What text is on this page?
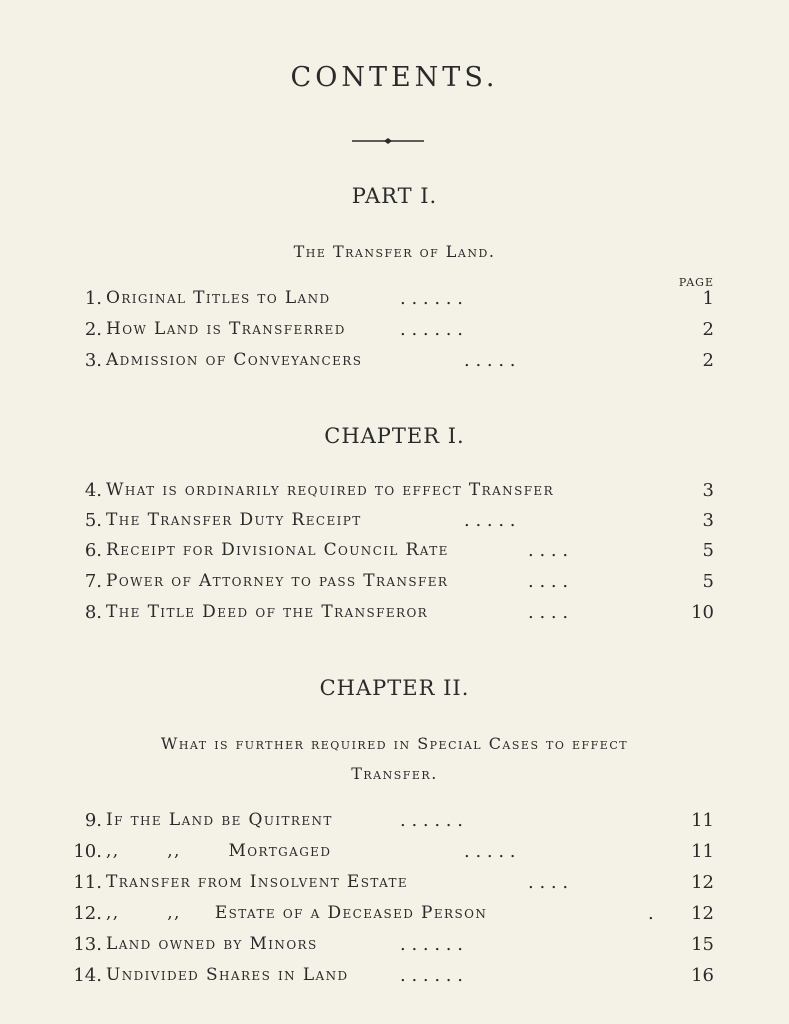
CONTENTS.
PART I.
The Transfer of Land.
PAGE
1. Original Titles to Land	. . . . . .	1
2. How Land is Transferred	. . . . . .	2
3. Admission of Conveyancers	. . . . .	2
CHAPTER I.
4. What is ordinarily required to effect Transfer	3
5. The Transfer Duty Receipt	. . . . .	3
6. Receipt for Divisional Council Rate	. . . .	5
7. Power of Attorney to pass Transfer	. . . .	5
8. The Title Deed of the Transferor	. . . .	10
CHAPTER II.
What is further required in Special Cases to effect
Transfer.
9. If the Land be Quitrent	. . . . . .	11
10. ,,       ,,       Mortgaged	. . . . .	11
11. Transfer from Insolvent Estate	. . . .	12
12. ,,       ,,     Estate of a Deceased Person	.	12
13. Land owned by Minors	. . . . . .	15
14. Undivided Shares in Land	. . . . . .	16
